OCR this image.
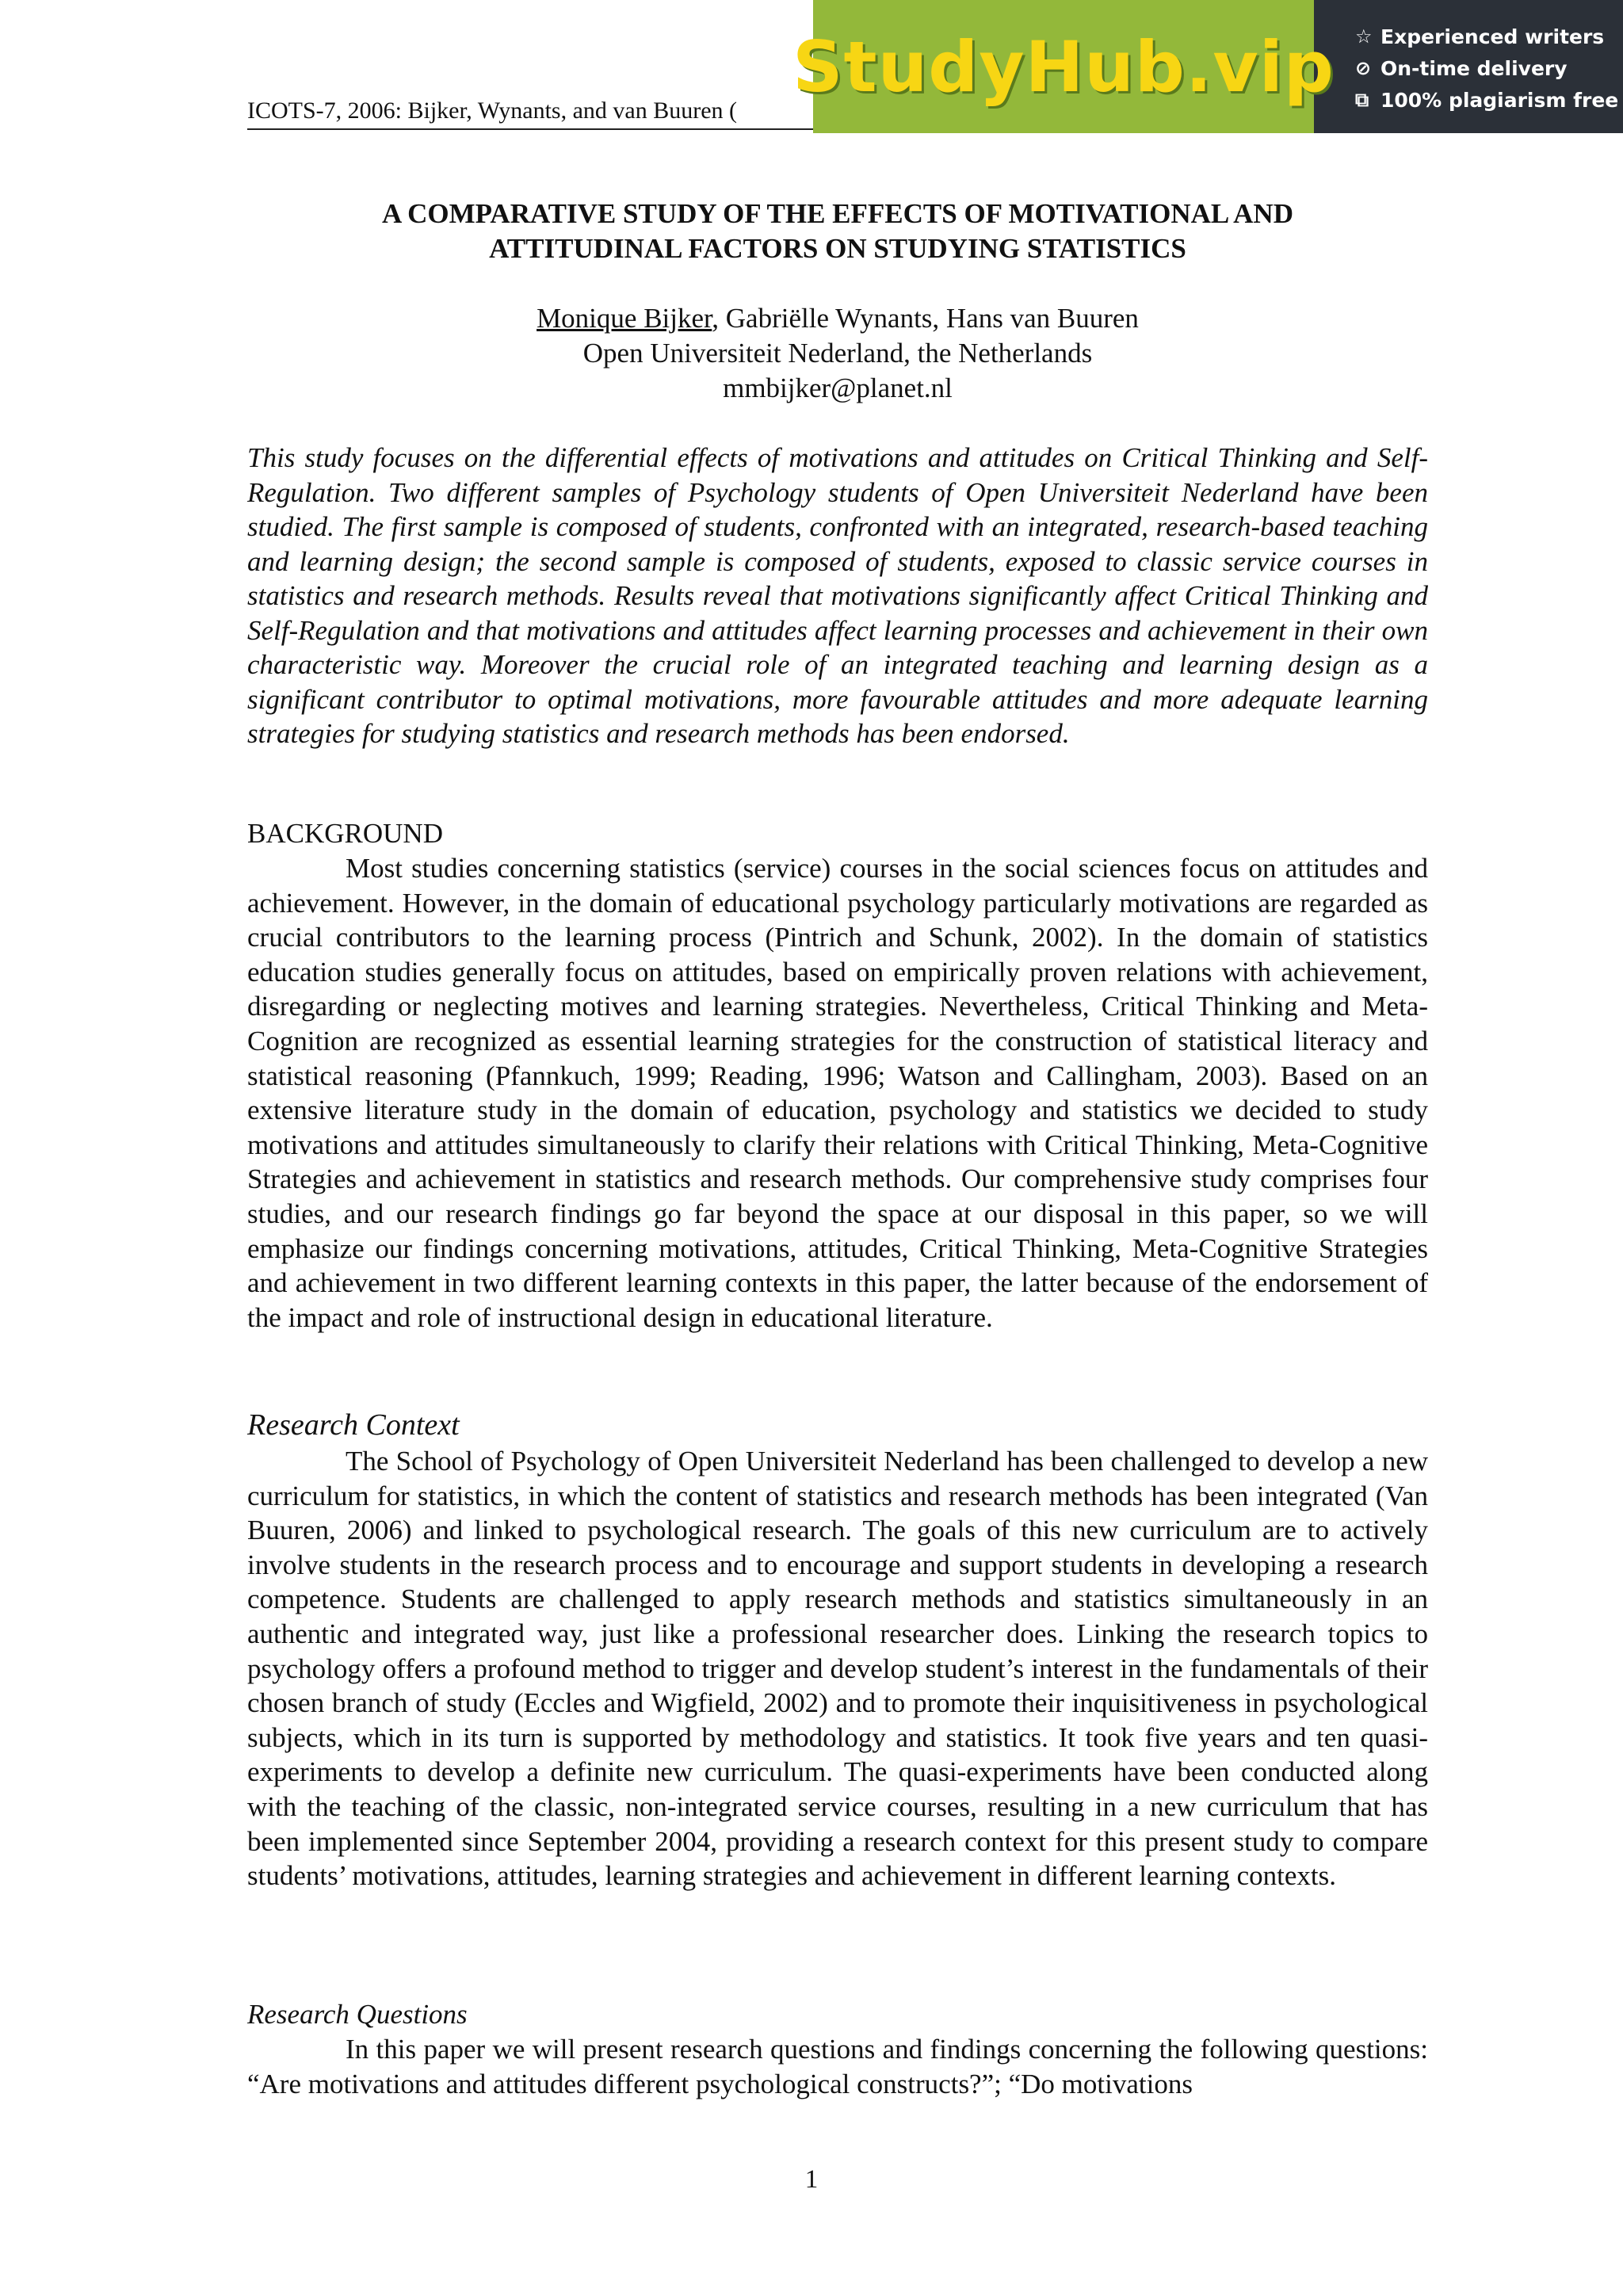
ICOTS-7, 2006: Bijker, Wynants, and van Buuren (
StudyHub.vip ☆ Experienced writers
⊘ On-time delivery
⧉ 100% plagiarism free
A COMPARATIVE STUDY OF THE EFFECTS OF MOTIVATIONAL AND
ATTITUDINAL FACTORS ON STUDYING STATISTICS
Monique Bijker, Gabriëlle Wynants, Hans van Buuren
Open Universiteit Nederland, the Netherlands
mmbijker@planet.nl
This study focuses on the differential effects of motivations and attitudes on Critical Thinking and Self-Regulation. Two different samples of Psychology students of Open Universiteit Nederland have been studied. The first sample is composed of students, confronted with an integrated, research-based teaching and learning design; the second sample is composed of students, exposed to classic service courses in statistics and research methods. Results reveal that motivations significantly affect Critical Thinking and Self-Regulation and that motivations and attitudes affect learning processes and achievement in their own characteristic way. Moreover the crucial role of an integrated teaching and learning design as a significant contributor to optimal motivations, more favourable attitudes and more adequate learning strategies for studying statistics and research methods has been endorsed.
BACKGROUND
Most studies concerning statistics (service) courses in the social sciences focus on attitudes and achievement. However, in the domain of educational psychology particularly motivations are regarded as crucial contributors to the learning process (Pintrich and Schunk, 2002). In the domain of statistics education studies generally focus on attitudes, based on empirically proven relations with achievement, disregarding or neglecting motives and learning strategies. Nevertheless, Critical Thinking and Meta-Cognition are recognized as essential learning strategies for the construction of statistical literacy and statistical reasoning (Pfannkuch, 1999; Reading, 1996; Watson and Callingham, 2003). Based on an extensive literature study in the domain of education, psychology and statistics we decided to study motivations and attitudes simultaneously to clarify their relations with Critical Thinking, Meta-Cognitive Strategies and achievement in statistics and research methods. Our comprehensive study comprises four studies, and our research findings go far beyond the space at our disposal in this paper, so we will emphasize our findings concerning motivations, attitudes, Critical Thinking, Meta-Cognitive Strategies and achievement in two different learning contexts in this paper, the latter because of the endorsement of the impact and role of instructional design in educational literature.
Research Context
The School of Psychology of Open Universiteit Nederland has been challenged to develop a new curriculum for statistics, in which the content of statistics and research methods has been integrated (Van Buuren, 2006) and linked to psychological research. The goals of this new curriculum are to actively involve students in the research process and to encourage and support students in developing a research competence. Students are challenged to apply research methods and statistics simultaneously in an authentic and integrated way, just like a professional researcher does. Linking the research topics to psychology offers a profound method to trigger and develop student’s interest in the fundamentals of their chosen branch of study (Eccles and Wigfield, 2002) and to promote their inquisitiveness in psychological subjects, which in its turn is supported by methodology and statistics. It took five years and ten quasi-experiments to develop a definite new curriculum. The quasi-experiments have been conducted along with the teaching of the classic, non-integrated service courses, resulting in a new curriculum that has been implemented since September 2004, providing a research context for this present study to compare students’ motivations, attitudes, learning strategies and achievement in different learning contexts.
Research Questions
In this paper we will present research questions and findings concerning the following questions: “Are motivations and attitudes different psychological constructs?”; “Do motivations
1
